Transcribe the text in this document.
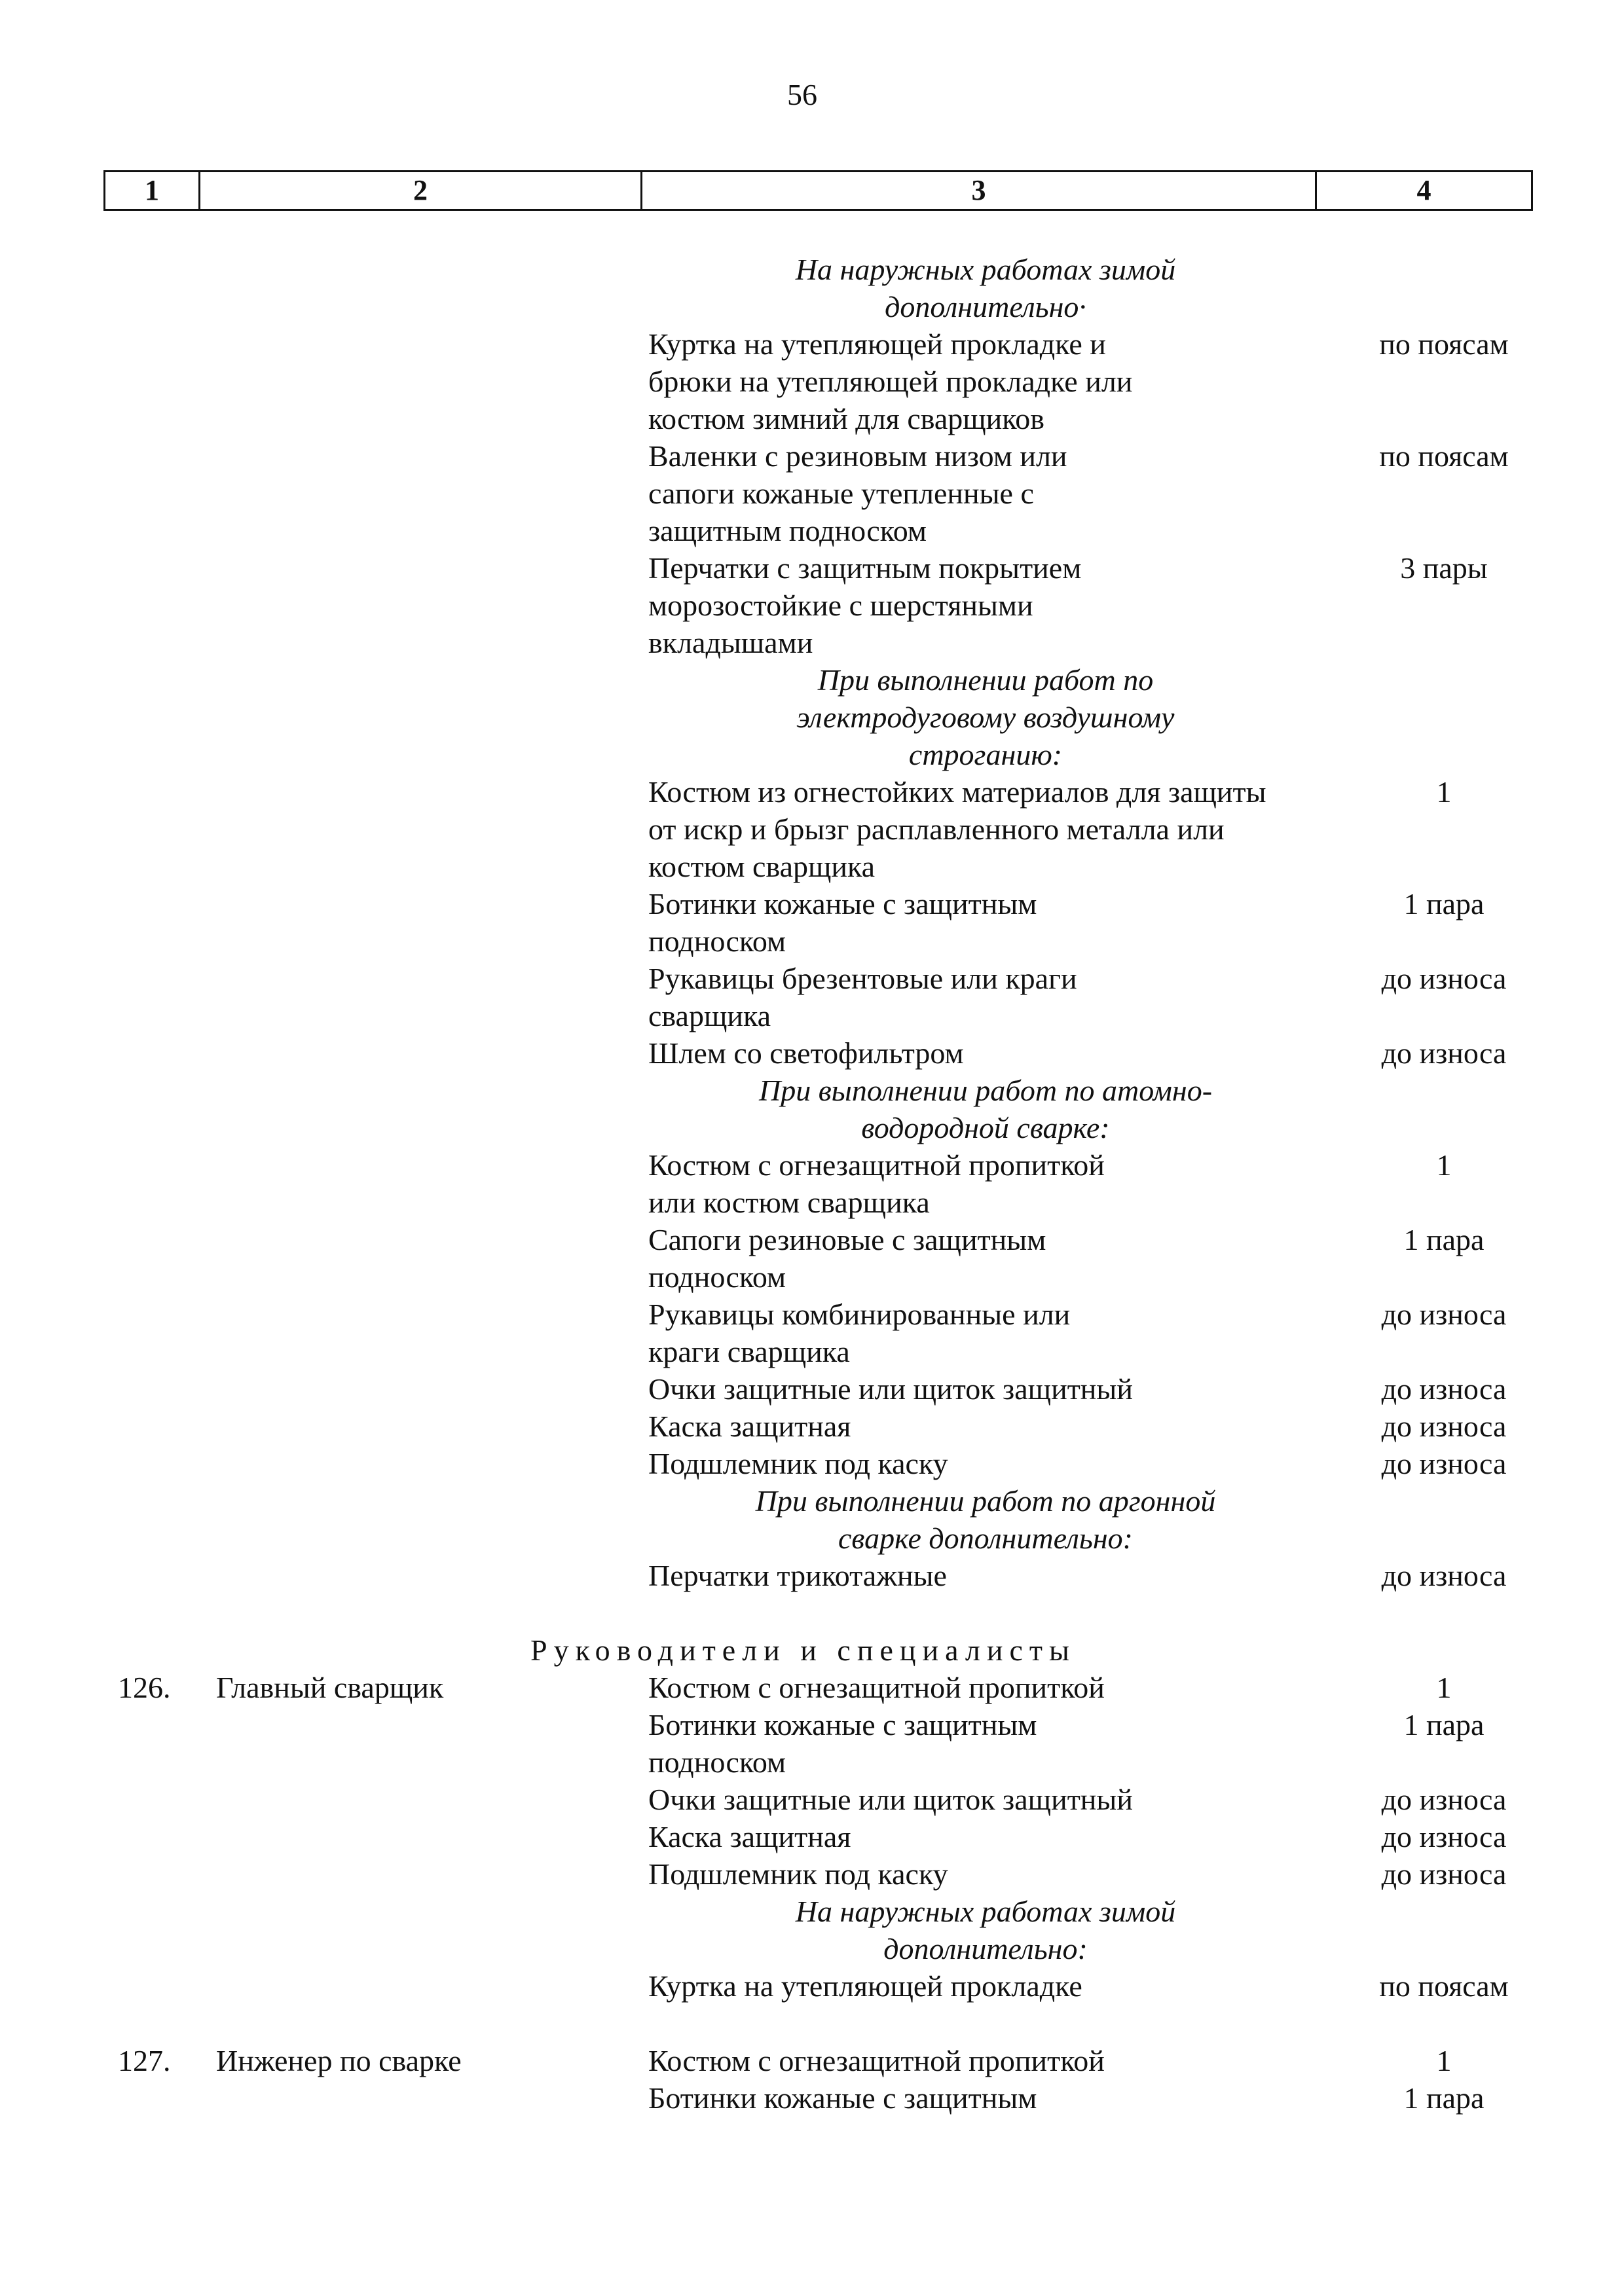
56
1	2	3	4
На наружных работах зимой
дополнительно·
Куртка на утепляющей прокладке и	по поясам
брюки на утепляющей прокладке или
костюм зимний для сварщиков
Валенки с резиновым низом или	по поясам
сапоги кожаные утепленные с
защитным подноском
Перчатки с защитным покрытием	3 пары
морозостойкие с шерстяными
вкладышами
При выполнении работ по
электродуговому воздушному
строганию:
Костюм из огнестойких материалов для защиты	1
от искр и брызг расплавленного металла или
костюм сварщика
Ботинки кожаные с защитным	1 пара
подноском
Рукавицы брезентовые или краги	до износа
сварщика
Шлем со светофильтром	до износа
При выполнении работ по атомно-
водородной сварке:
Костюм с огнезащитной пропиткой	1
или костюм сварщика
Сапоги резиновые с защитным	1 пара
подноском
Рукавицы комбинированные или	до износа
краги сварщика
Очки защитные или щиток защитный	до износа
Каска защитная	до износа
Подшлемник под каску	до износа
При выполнении работ по аргонной
сварке дополнительно:
Перчатки трикотажные	до износа
Руководители и специалисты
126. Главный сварщик	Костюм с огнезащитной пропиткой	1
Ботинки кожаные с защитным	1 пара
подноском
Очки защитные или щиток защитный	до износа
Каска защитная	до износа
Подшлемник под каску	до износа
На наружных работах зимой
дополнительно:
Куртка на утепляющей прокладке	по поясам
127. Инженер по сварке	Костюм с огнезащитной пропиткой	1
Ботинки кожаные с защитным	1 пара
